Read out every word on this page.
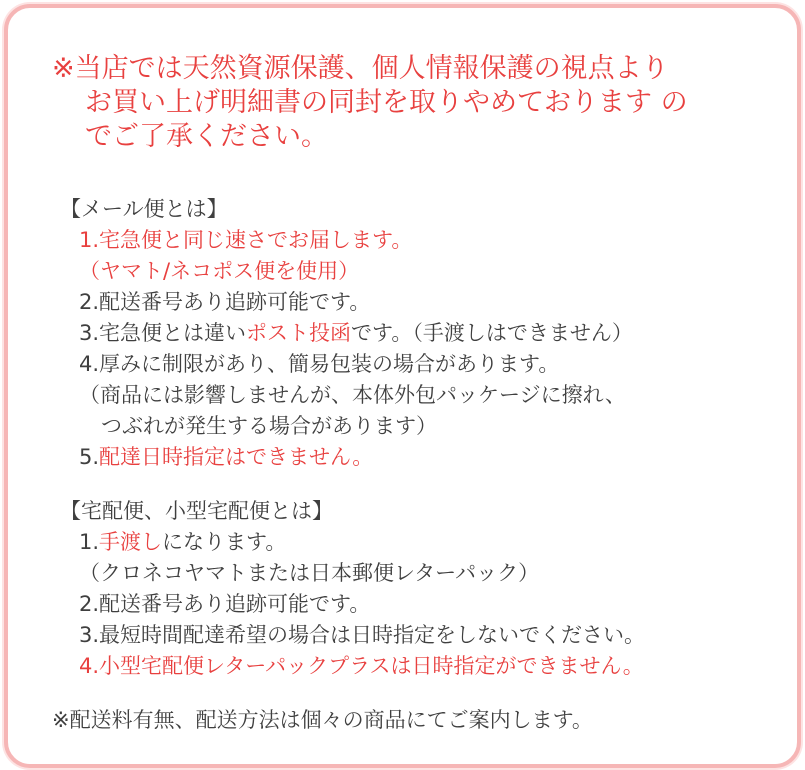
※当店では天然資源保護、個人情報保護の視点より

お買い上げ明細書の同封を取りやめております の

でご了承ください。

【メール便とは】

1.宅急便と同じ速さでお届します。

（ヤマト/ネコポス便を使用）

2.配送番号あり追跡可能です。

3.宅急便とは違いポスト投函です。（手渡しはできません）

4.厚みに制限があり、簡易包装の場合があります。

（商品には影響しませんが、本体外包パッケージに擦れ、

つぶれが発生する場合があります）

5.配達日時指定はできません。

【宅配便、小型宅配便とは】

1.手渡しになります。

（クロネコヤマトまたは日本郵便レターパック）

2.配送番号あり追跡可能です。

3.最短時間配達希望の場合は日時指定をしないでください。

4.小型宅配便レターパックプラスは日時指定ができません。

※配送料有無、配送方法は個々の商品にてご案内します。
